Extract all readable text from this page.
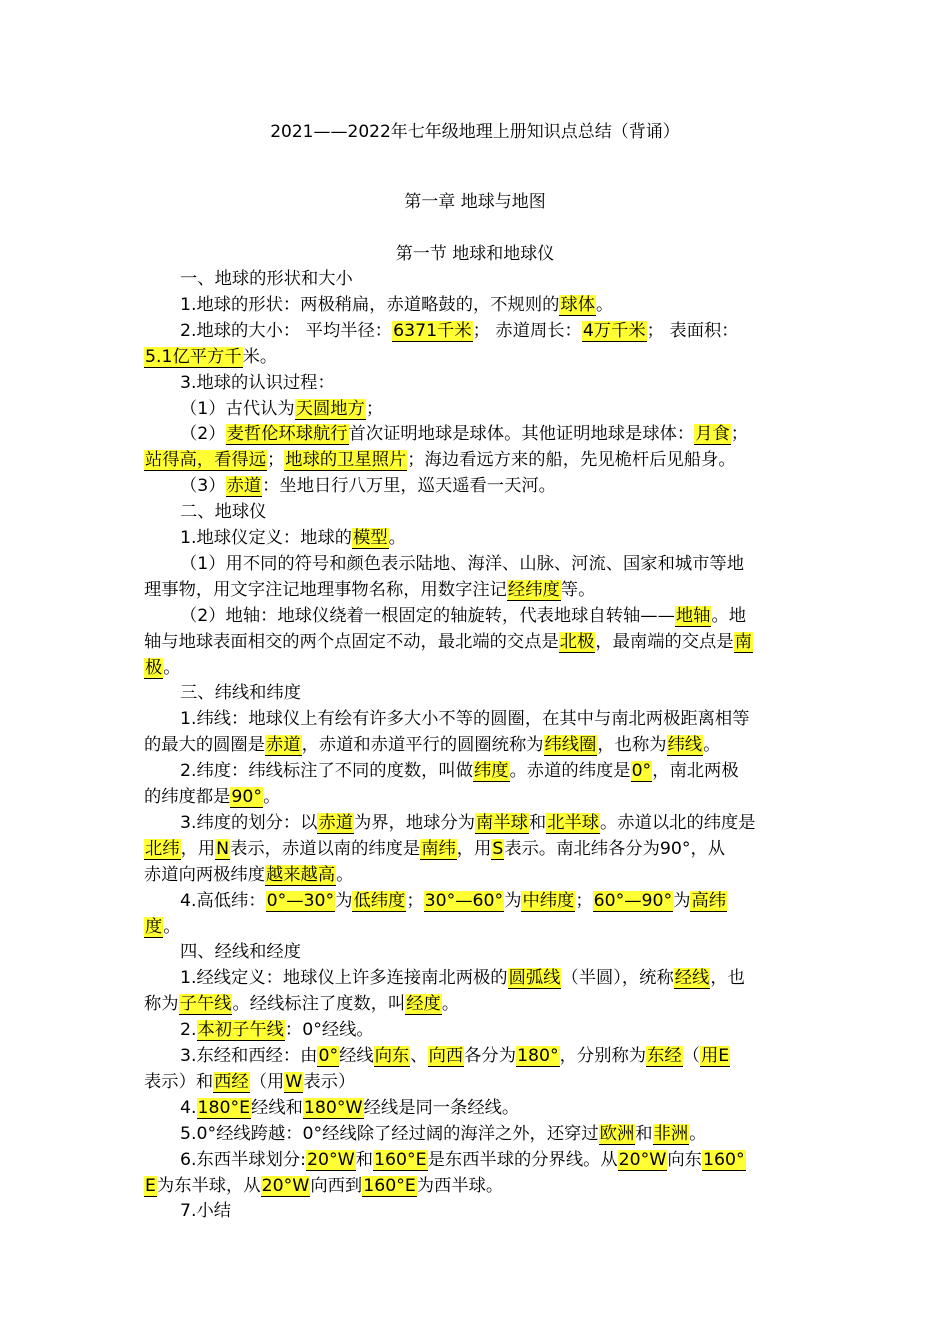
2021——2022年七年级地理上册知识点总结（背诵）
第一章 地球与地图
第一节 地球和地球仪
一、地球的形状和大小
1.地球的形状：两极稍扁，赤道略鼓的，不规则的球体。
2.地球的大小： 平均半径：6371千米； 赤道周长：4万千米； 表面积：
5.1亿平方千米。
3.地球的认识过程：
（1）古代认为天圆地方；
（2）麦哲伦环球航行首次证明地球是球体。其他证明地球是球体：月食；
站得高，看得远；地球的卫星照片；海边看远方来的船，先见桅杆后见船身。
（3）赤道：坐地日行八万里，巡天遥看一天河。
二、地球仪
1.地球仪定义：地球的模型。
（1）用不同的符号和颜色表示陆地、海洋、山脉、河流、国家和城市等地
理事物，用文字注记地理事物名称，用数字注记经纬度等。
（2）地轴：地球仪绕着一根固定的轴旋转，代表地球自转轴——地轴。地
轴与地球表面相交的两个点固定不动，最北端的交点是北极，最南端的交点是南
极。
三、纬线和纬度
1.纬线：地球仪上有绘有许多大小不等的圆圈，在其中与南北两极距离相等
的最大的圆圈是赤道，赤道和赤道平行的圆圈统称为纬线圈，也称为纬线。
2.纬度：纬线标注了不同的度数，叫做纬度。赤道的纬度是0°，南北两极
的纬度都是90°。
3.纬度的划分：以赤道为界，地球分为南半球和北半球。赤道以北的纬度是
北纬，用N表示，赤道以南的纬度是南纬，用S表示。南北纬各分为90°，从
赤道向两极纬度越来越高。
4.高低纬：0°—30°为低纬度；30°—60°为中纬度；60°—90°为高纬
度。
四、经线和经度
1.经线定义：地球仪上许多连接南北两极的圆弧线（半圆），统称经线，也
称为子午线。经线标注了度数，叫经度。
2.本初子午线：0°经线。
3.东经和西经：由0°经线向东、向西各分为180°，分别称为东经（用E
表示）和西经（用W表示）
4.180°E经线和180°W经线是同一条经线。
5.0°经线跨越：0°经线除了经过阔的海洋之外，还穿过欧洲和非洲。
6.东西半球划分:20°W和160°E是东西半球的分界线。从20°W向东160°
E为东半球，从20°W向西到160°E为西半球。
7.小结
